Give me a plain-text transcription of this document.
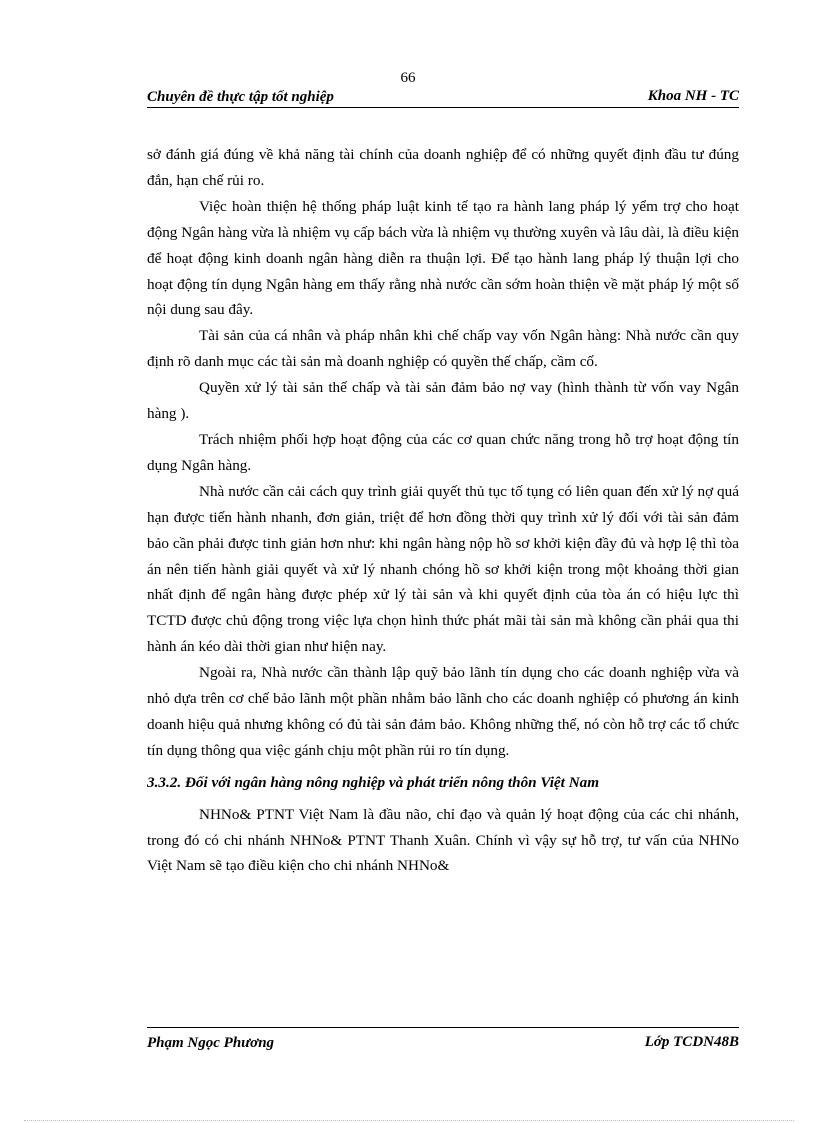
66
Chuyên đề thực tập tốt nghiệp	Khoa NH - TC

sở đánh giá đúng về khả năng tài chính của doanh nghiệp để có những quyết định đầu tư đúng đắn, hạn chế rủi ro.

Việc hoàn thiện hệ thống pháp luật kinh tế tạo ra hành lang pháp lý yểm trợ cho hoạt động Ngân hàng vừa là nhiệm vụ cấp bách vừa là nhiệm vụ thường xuyên và lâu dài, là điều kiện để hoạt động kinh doanh ngân hàng diễn ra thuận lợi. Để tạo hành lang pháp lý thuận lợi cho hoạt động tín dụng Ngân hàng em thấy rằng nhà nước cần sớm hoàn thiện về mặt pháp lý một số nội dung sau đây.

Tài sản của cá nhân và pháp nhân khi chế chấp vay vốn Ngân hàng: Nhà nước cần quy định rõ danh mục các tài sản mà doanh nghiệp có quyền thế chấp, cầm cố.

Quyền xử lý tài sản thế chấp và tài sản đảm bảo nợ vay (hình thành từ vốn vay Ngân hàng ).

Trách nhiệm phối hợp hoạt động của các cơ quan chức năng trong hỗ trợ hoạt động tín dụng Ngân hàng.

Nhà nước cần cải cách quy trình giải quyết thủ tục tố tụng có liên quan đến xử lý nợ quá hạn được tiến hành nhanh, đơn giản, triệt để hơn đồng thời quy trình xử lý đối với tài sản đảm bảo cần phải được tinh giản hơn như: khi ngân hàng nộp hồ sơ khởi kiện đầy đủ và hợp lệ thì tòa án nên tiến hành giải quyết và xử lý nhanh chóng hồ sơ khởi kiện trong một khoảng thời gian nhất định để ngân hàng được phép xử lý tài sản và khi quyết định của tòa án có hiệu lực thì TCTD được chủ động trong việc lựa chọn hình thức phát mãi tài sản mà không cần phải qua thi hành án kéo dài thời gian như hiện nay.

Ngoài ra, Nhà nước cần thành lập quỹ bảo lãnh tín dụng cho các doanh nghiệp vừa và nhỏ dựa trên cơ chế bảo lãnh một phần nhằm bảo lãnh cho các doanh nghiệp có phương án kinh doanh hiệu quả nhưng không có đủ tài sản đảm bảo. Không những thế, nó còn hỗ trợ các tổ chức tín dụng thông qua việc gánh chịu một phần rủi ro tín dụng.

3.3.2. Đối với ngân hàng nông nghiệp và phát triển nông thôn Việt Nam

NHNo& PTNT Việt Nam là đầu não, chỉ đạo và quản lý hoạt động của các chi nhánh, trong đó có chi nhánh NHNo& PTNT Thanh Xuân. Chính vì vậy sự hỗ trợ, tư vấn của NHNo Việt Nam sẽ tạo điều kiện cho chi nhánh NHNo&

Phạm Ngọc Phương	Lớp TCDN48B
